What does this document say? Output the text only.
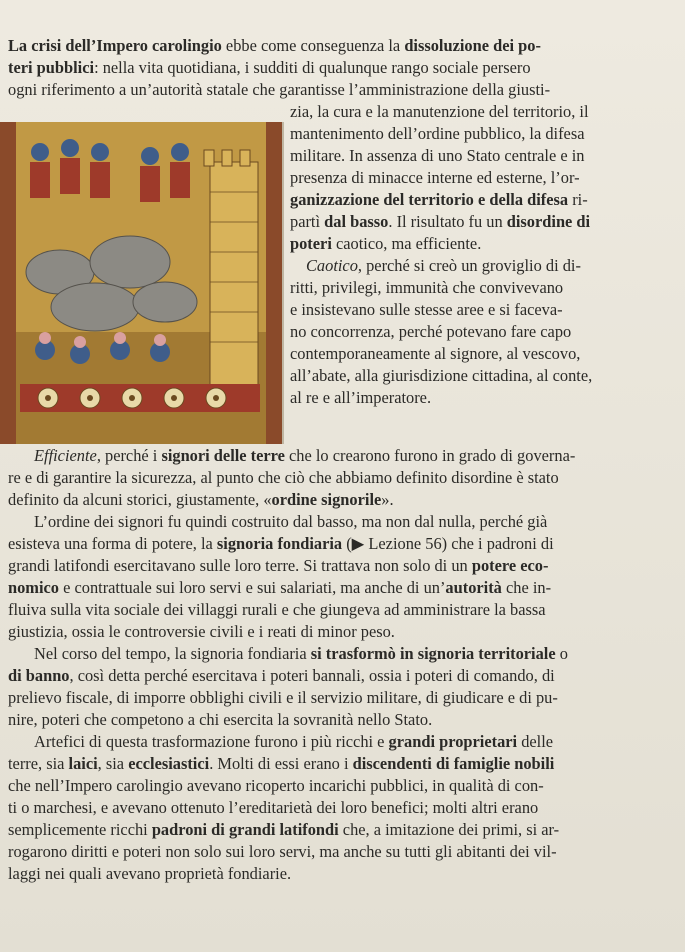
La crisi dell’Impero carolingio ebbe come conseguenza la dissoluzione dei po-

teri pubblici: nella vita quotidiana, i sudditi di qualunque rango sociale persero

ogni riferimento a un’autorità statale che garantisse l’amministrazione della giusti-

zia, la cura e la manutenzione del territorio, il

mantenimento dell’ordine pubblico, la difesa

militare. In assenza di uno Stato centrale e in

presenza di minacce interne ed esterne, l’or-

ganizzazione del territorio e della difesa ri-

partì dal basso. Il risultato fu un disordine di

poteri caotico, ma efficiente.

Caotico, perché si creò un groviglio di di-

ritti, privilegi, immunità che convivevano

e insistevano sulle stesse aree e si faceva-

no concorrenza, perché potevano fare capo

contemporaneamente al signore, al vescovo,

all’abate, alla giurisdizione cittadina, al conte,

al re e all’imperatore.

Efficiente, perché i signori delle terre che lo crearono furono in grado di governa-

re e di garantire la sicurezza, al punto che ciò che abbiamo definito disordine è stato

definito da alcuni storici, giustamente, «ordine signorile».

L’ordine dei signori fu quindi costruito dal basso, ma non dal nulla, perché già

esisteva una forma di potere, la signoria fondiaria (▶ Lezione 56) che i padroni di

grandi latifondi esercitavano sulle loro terre. Si trattava non solo di un potere eco-

nomico e contrattuale sui loro servi e sui salariati, ma anche di un’autorità che in-

fluiva sulla vita sociale dei villaggi rurali e che giungeva ad amministrare la bassa

giustizia, ossia le controversie civili e i reati di minor peso.

Nel corso del tempo, la signoria fondiaria si trasformò in signoria territoriale o

di banno, così detta perché esercitava i poteri bannali, ossia i poteri di comando, di

prelievo fiscale, di imporre obblighi civili e il servizio militare, di giudicare e di pu-

nire, poteri che competono a chi esercita la sovranità nello Stato.

Artefici di questa trasformazione furono i più ricchi e grandi proprietari delle

terre, sia laici, sia ecclesiastici. Molti di essi erano i discendenti di famiglie nobili

che nell’Impero carolingio avevano ricoperto incarichi pubblici, in qualità di con-

ti o marchesi, e avevano ottenuto l’ereditarietà dei loro benefici; molti altri erano

semplicemente ricchi padroni di grandi latifondi che, a imitazione dei primi, si ar-

rogarono diritti e poteri non solo sui loro servi, ma anche su tutti gli abitanti dei vil-

laggi nei quali avevano proprietà fondiarie.
